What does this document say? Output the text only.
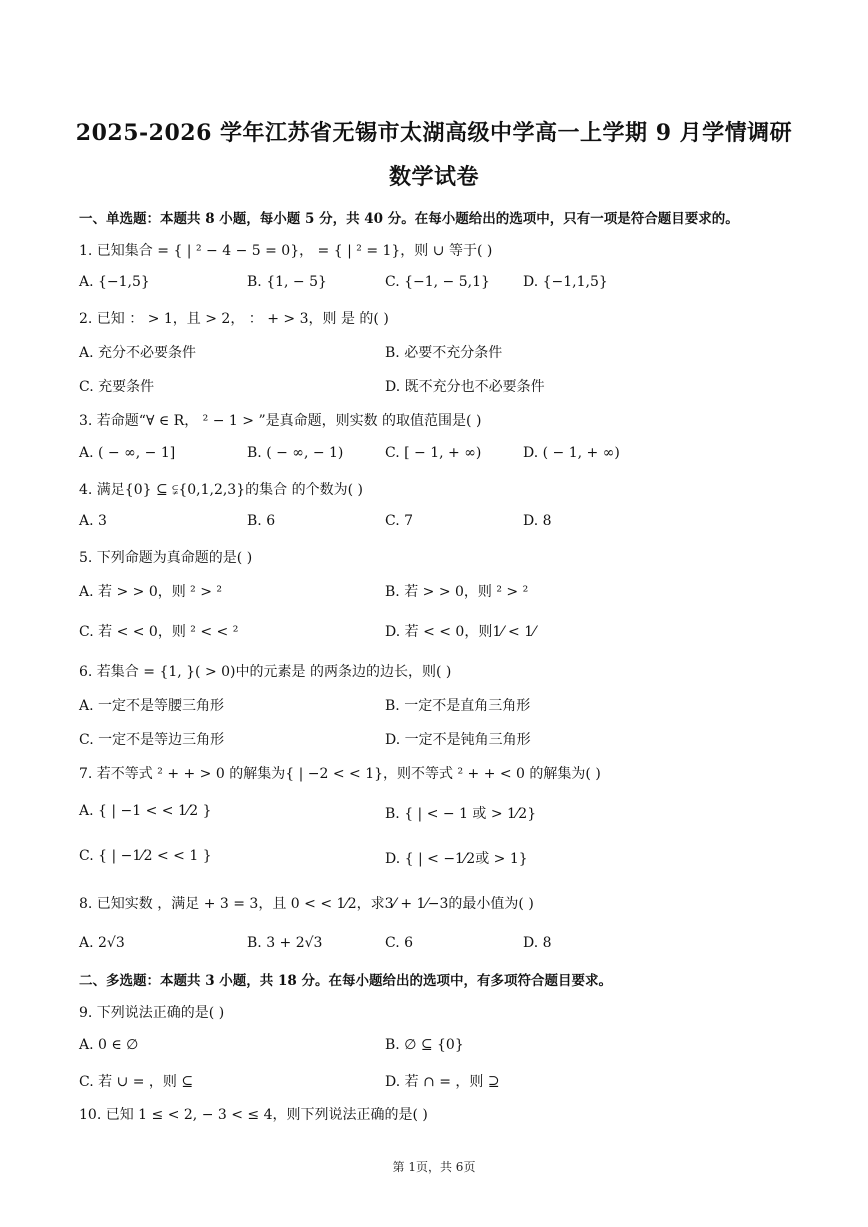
2025-2026 学年江苏省无锡市太湖高级中学高一上学期 9 月学情调研
数学试卷
一、单选题：本题共 8 小题，每小题 5 分，共 40 分。在每小题给出的选项中，只有一项是符合题目要求的。
1. 已知集合 = { | ² − 4 − 5 = 0}， = { | ² = 1}，则 ∪ 等于( )
A. {−1,5}	B. {1, − 5}	C. {−1, − 5,1} D. {−1,1,5}
2. 已知 ： > 1，且 > 2， ： + > 3，则 是 的( )
A. 充分不必要条件	B. 必要不充分条件
C. 充要条件	D. 既不充分也不必要条件
3. 若命题“∀ ∈ R， ² − 1 > ”是真命题，则实数 的取值范围是( )
A. ( − ∞, − 1]	B. ( − ∞, − 1)	C. [ − 1, + ∞)	D. ( − 1, + ∞)
4. 满足{0} ⊆ ⫋{0,1,2,3}的集合 的个数为( )
A. 3	B. 6	C. 7	D. 8
5. 下列命题为真命题的是( )
A. 若 > > 0，则 ² > ²	B. 若 > > 0，则 ² > ²
C. 若 < < 0，则 ² < < ²	D. 若 < < 0，则1⁄ < 1⁄
6. 若集合 = {1, }( > 0)中的元素是 的两条边的边长，则( )
A. 一定不是等腰三角形	B. 一定不是直角三角形
C. 一定不是等边三角形	D. 一定不是钝角三角形
7. 若不等式 ² + + > 0 的解集为{ | −2 < < 1}，则不等式 ² + + < 0 的解集为( )
A. { | −1 < < 1⁄2 }	B. { | < − 1 或 > 1⁄2}
C. { | −1⁄2 < < 1 }	D. { | < −1⁄2或 > 1}
8. 已知实数 ，满足 + 3 = 3，且 0 < < 1⁄2，求3⁄ + 1⁄−3的最小值为( )
A. 2√3	B. 3 + 2√3	C. 6	D. 8
二、多选题：本题共 3 小题，共 18 分。在每小题给出的选项中，有多项符合题目要求。
9. 下列说法正确的是( )
A. 0 ∈ ∅	B. ∅ ⊆ {0}
C. 若 ∪ = ，则 ⊆	D. 若 ∩ = ，则 ⊇
10. 已知 1 ≤ < 2, − 3 < ≤ 4，则下列说法正确的是( )
第 1页，共 6页
